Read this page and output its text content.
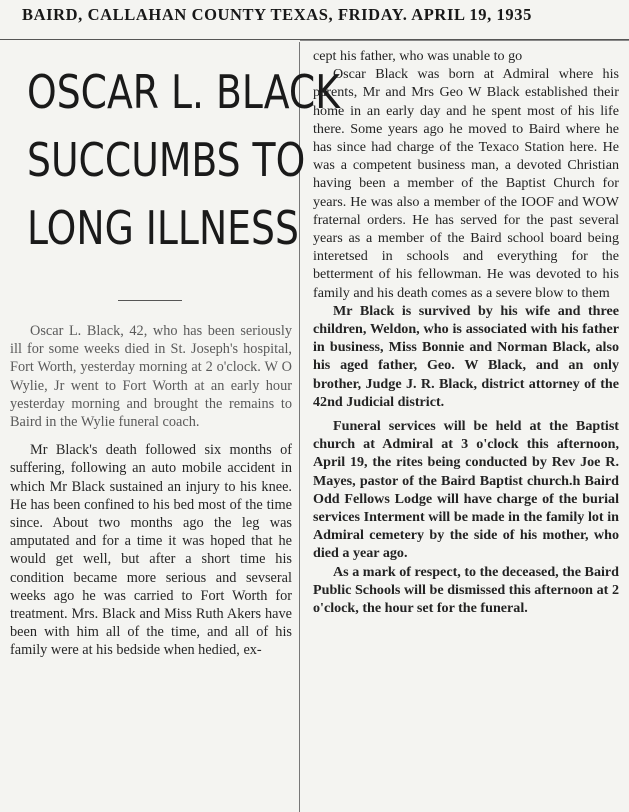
BAIRD, CALLAHAN COUNTY TEXAS, FRIDAY. APRIL 19, 1935
OSCAR L. BLACK
SUCCUMBS TO
LONG ILLNESS

Oscar L. Black, 42, who has been seriously ill for some weeks died in St. Joseph's hospital, Fort Worth, yesterday morning at 2 o'clock. W O Wylie, Jr went to Fort Worth at an early hour yesterday morning and brought the remains to Baird in the Wylie funeral coach.

Mr Black's death followed six months of suffering, following an auto mobile accident in which Mr Black sustained an injury to his knee. He has been confined to his bed most of the time since. About two months ago the leg was amputated and for a time it was hoped that he would get well, but after a short time his condition became more serious and sevseral weeks ago he was carried to Fort Worth for treatment. Mrs. Black and Miss Ruth Akers have been with him all of the time, and all of his family were at his bedside when hedied, ex-

cept his father, who was unable to go

Oscar Black was born at Admiral where his parents, Mr and Mrs Geo W Black established their home in an early day and he spent most of his life there. Some years ago he moved to Baird where he has since had charge of the Texaco Station here. He was a competent business man, a devoted Christian having been a member of the Baptist Church for years. He was also a member of the IOOF and WOW fraternal orders. He has served for the past several years as a member of the Baird school board being interetsed in schools and everything for the betterment of his fellowman. He was devoted to his family and his death comes as a severe blow to them

Mr Black is survived by his wife and three children, Weldon, who is associated with his father in business, Miss Bonnie and Norman Black, also his aged father, Geo. W Black, and an only brother, Judge J. R. Black, district attorney of the 42nd Judicial district.

Funeral services will be held at the Baptist church at Admiral at 3 o'clock this afternoon, April 19, the rites being conducted by Rev Joe R. Mayes, pastor of the Baird Baptist church.h Baird Odd Fellows Lodge will have charge of the burial services Interment will be made in the family lot in Admiral cemetery by the side of his mother, who died a year ago.

As a mark of respect, to the deceased, the Baird Public Schools will be dismissed this afternoon at 2 o'clock, the hour set for the funeral.
